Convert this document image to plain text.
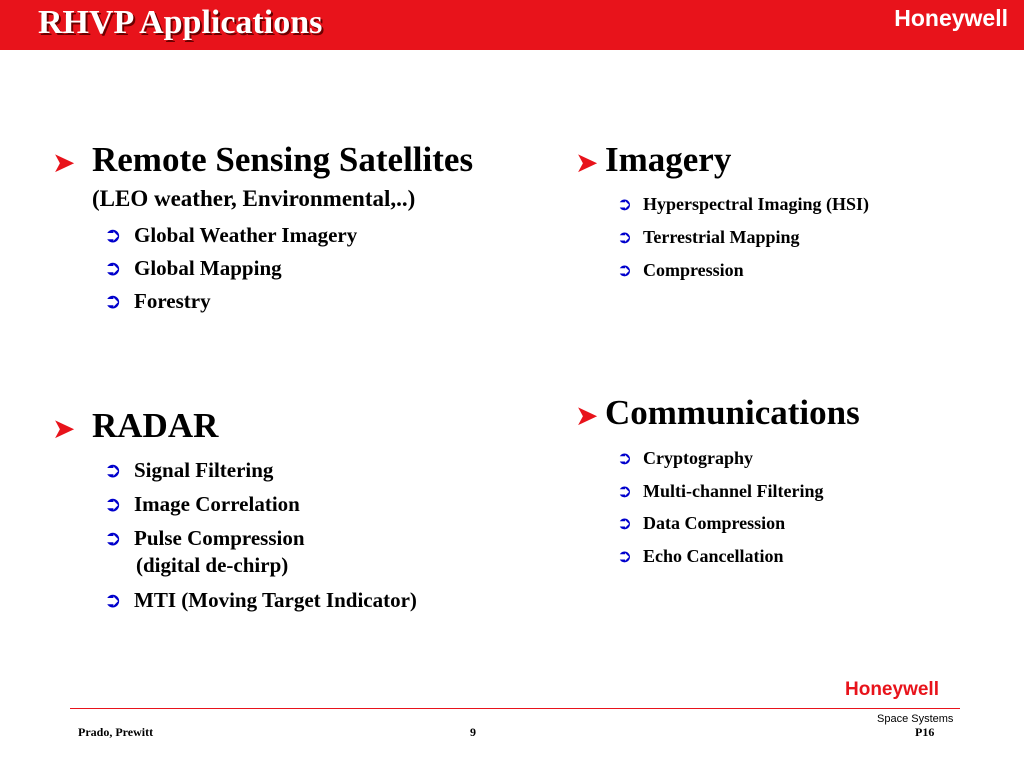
RHVP Applications	Honeywell
➤ Remote Sensing Satellites
(LEO weather, Environmental,..)
➲ Global Weather Imagery
➲ Global Mapping
➲ Forestry
➤ RADAR
➲ Signal Filtering
➲ Image Correlation
➲ Pulse Compression
(digital de-chirp)
➲ MTI (Moving Target Indicator)
➤ Imagery
➲ Hyperspectral Imaging (HSI)
➲ Terrestrial Mapping
➲ Compression
➤ Communications
➲ Cryptography
➲ Multi-channel Filtering
➲ Data Compression
➲ Echo Cancellation
Honeywell
Space Systems
Prado, Prewitt	9	P16
